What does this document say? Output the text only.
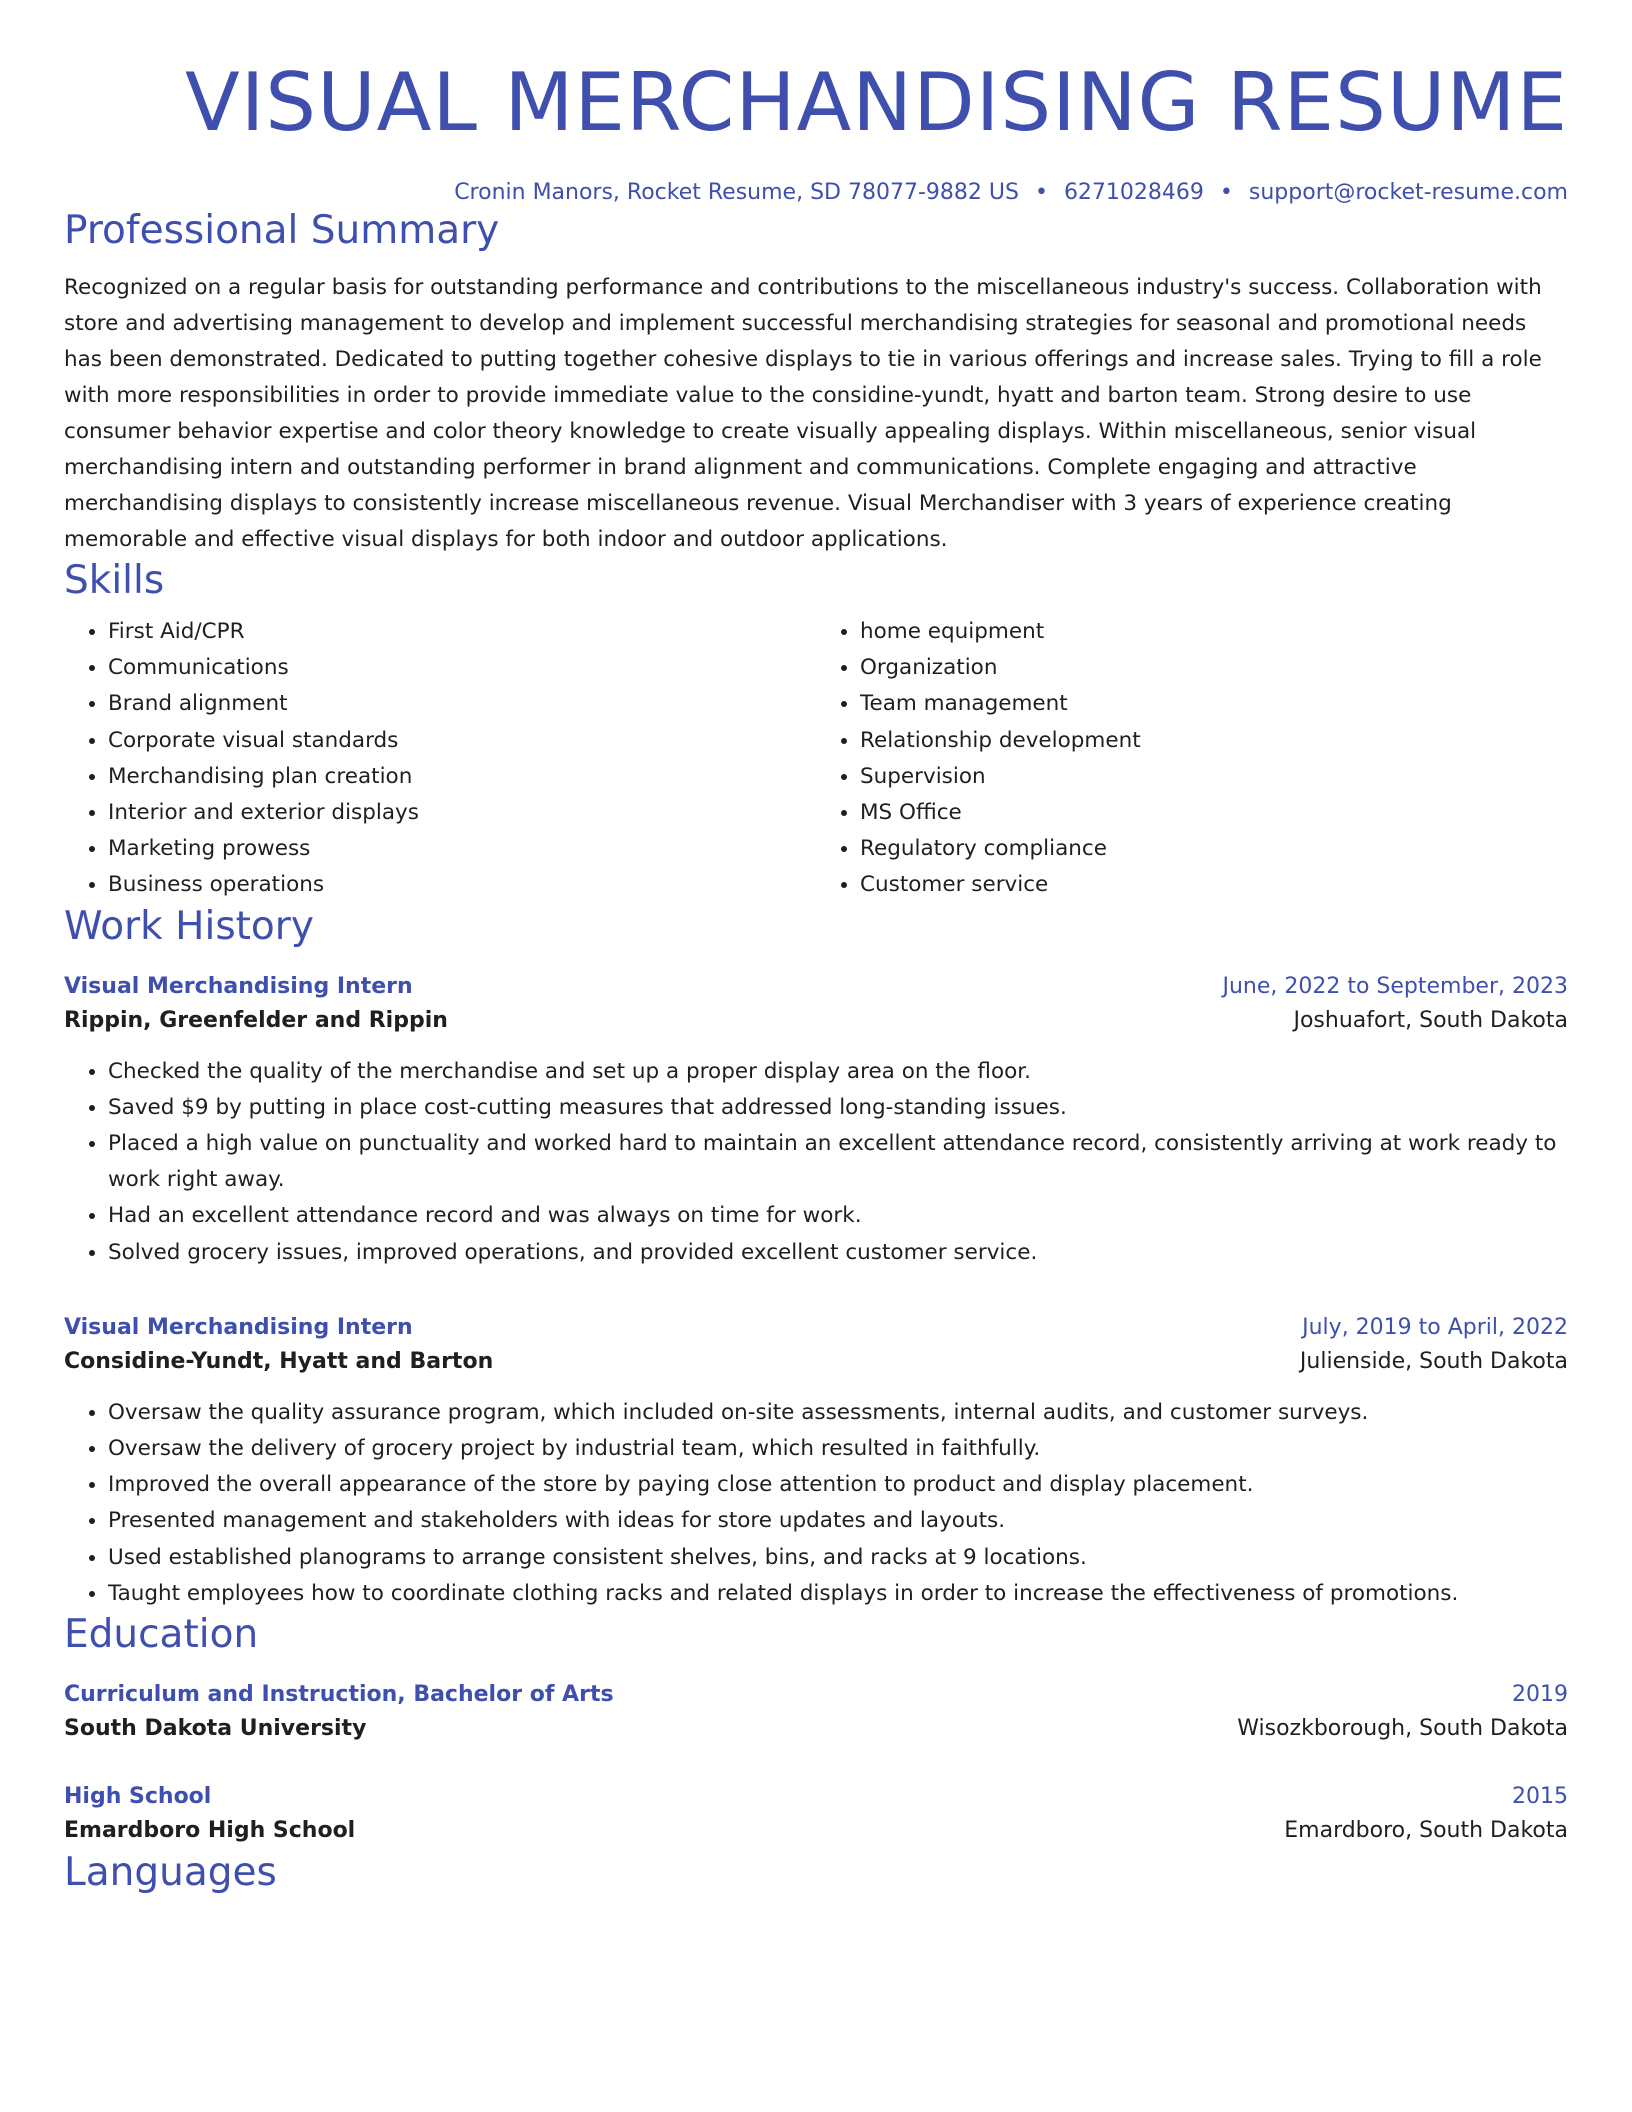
VISUAL MERCHANDISING RESUME
Cronin Manors, Rocket Resume, SD 78077-9882 US • 6271028469 • support@rocket-resume.com
Professional Summary
Recognized on a regular basis for outstanding performance and contributions to the miscellaneous industry's success. Collaboration with store and advertising management to develop and implement successful merchandising strategies for seasonal and promotional needs has been demonstrated. Dedicated to putting together cohesive displays to tie in various offerings and increase sales. Trying to fill a role with more responsibilities in order to provide immediate value to the considine-yundt, hyatt and barton team. Strong desire to use consumer behavior expertise and color theory knowledge to create visually appealing displays. Within miscellaneous, senior visual merchandising intern and outstanding performer in brand alignment and communications. Complete engaging and attractive merchandising displays to consistently increase miscellaneous revenue. Visual Merchandiser with 3 years of experience creating memorable and effective visual displays for both indoor and outdoor applications.
Skills
• First Aid/CPR
• Communications
• Brand alignment
• Corporate visual standards
• Merchandising plan creation
• Interior and exterior displays
• Marketing prowess
• Business operations
• home equipment
• Organization
• Team management
• Relationship development
• Supervision
• MS Office
• Regulatory compliance
• Customer service
Work History
Visual Merchandising Intern	June, 2022 to September, 2023
Rippin, Greenfelder and Rippin	Joshuafort, South Dakota
• Checked the quality of the merchandise and set up a proper display area on the floor.
• Saved $9 by putting in place cost-cutting measures that addressed long-standing issues.
• Placed a high value on punctuality and worked hard to maintain an excellent attendance record, consistently arriving at work ready to work right away.
• Had an excellent attendance record and was always on time for work.
• Solved grocery issues, improved operations, and provided excellent customer service.
Visual Merchandising Intern	July, 2019 to April, 2022
Considine-Yundt, Hyatt and Barton	Julienside, South Dakota
• Oversaw the quality assurance program, which included on-site assessments, internal audits, and customer surveys.
• Oversaw the delivery of grocery project by industrial team, which resulted in faithfully.
• Improved the overall appearance of the store by paying close attention to product and display placement.
• Presented management and stakeholders with ideas for store updates and layouts.
• Used established planograms to arrange consistent shelves, bins, and racks at 9 locations.
• Taught employees how to coordinate clothing racks and related displays in order to increase the effectiveness of promotions.
Education
Curriculum and Instruction, Bachelor of Arts	2019
South Dakota University	Wisozkborough, South Dakota
High School	2015
Emardboro High School	Emardboro, South Dakota
Languages
